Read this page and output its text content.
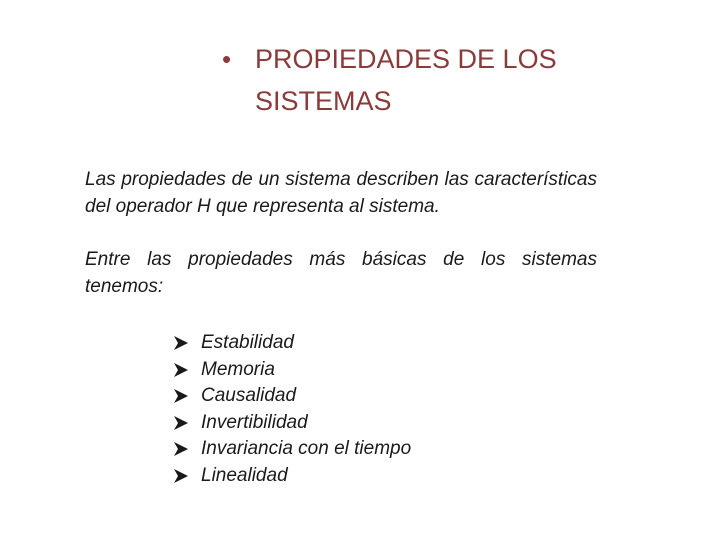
• PROPIEDADES DE LOS
SISTEMAS

Las propiedades de un sistema describen las características del operador H que representa al sistema.

Entre las propiedades más básicas de los sistemas tenemos:

Estabilidad
Memoria
Causalidad
Invertibilidad
Invariancia con el tiempo
Linealidad
